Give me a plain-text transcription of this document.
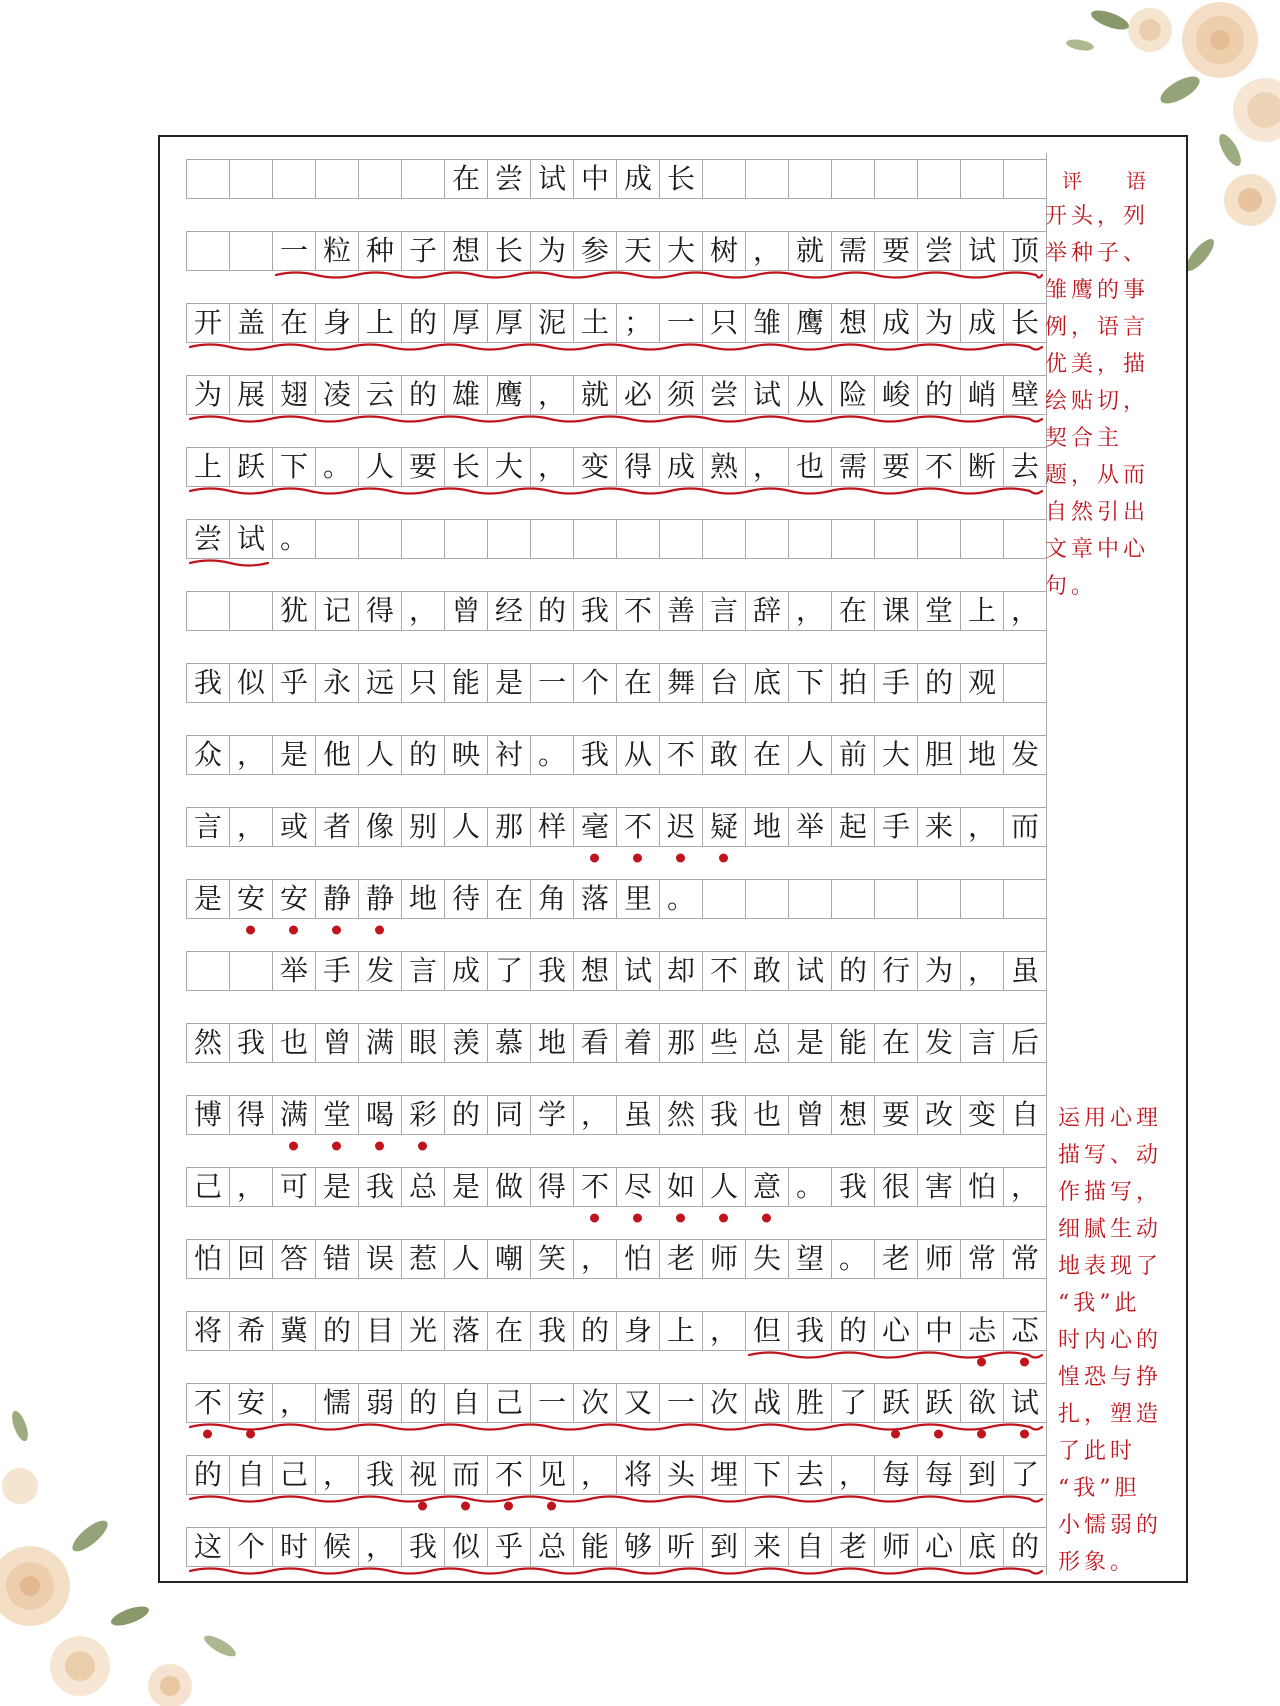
在 尝 试 中 成 长
一 粒 种 子 想 长 为 参 天 大 树 ， 就 需 要 尝 试 顶
开 盖 在 身 上 的 厚 厚 泥 土 ； 一 只 雏 鹰 想 成 为 成 长
为 展 翅 凌 云 的 雄 鹰 ， 就 必 须 尝 试 从 险 峻 的 峭 壁
上 跃 下 。 人 要 长 大 ， 变 得 成 熟 ， 也 需 要 不 断 去
尝 试 。
犹 记 得 ， 曾 经 的 我 不 善 言 辞 ， 在 课 堂 上 ，
我 似 乎 永 远 只 能 是 一 个 在 舞 台 底 下 拍 手 的 观
众 ， 是 他 人 的 映 衬 。 我 从 不 敢 在 人 前 大 胆 地 发
言 ， 或 者 像 别 人 那 样 毫 不 迟 疑 地 举 起 手 来 ， 而
是 安 安 静 静 地 待 在 角 落 里 。
举 手 发 言 成 了 我 想 试 却 不 敢 试 的 行 为 ， 虽
然 我 也 曾 满 眼 羡 慕 地 看 着 那 些 总 是 能 在 发 言 后
博 得 满 堂 喝 彩 的 同 学 ， 虽 然 我 也 曾 想 要 改 变 自
己 ， 可 是 我 总 是 做 得 不 尽 如 人 意 。 我 很 害 怕 ，
怕 回 答 错 误 惹 人 嘲 笑 ， 怕 老 师 失 望 。 老 师 常 常
将 希 冀 的 目 光 落 在 我 的 身 上 ， 但 我 的 心 中 忐 忑
不 安 ， 懦 弱 的 自 己 一 次 又 一 次 战 胜 了 跃 跃 欲 试
的 自 己 ， 我 视 而 不 见 ， 将 头 埋 下 去 ， 每 每 到 了
这 个 时 候 ， 我 似 乎 总 能 够 听 到 来 自 老 师 心 底 的
评　语
开头，列
举种子、
雏鹰的事
例，语言
优美，描
绘贴切，
契合主
题，从而
自然引出
文章中心
句。
运用心理
描写、动
作描写，
细腻生动
地表现了
“我”此
时内心的
惶恐与挣
扎，塑造
了此时
“我”胆
小懦弱的
形象。
